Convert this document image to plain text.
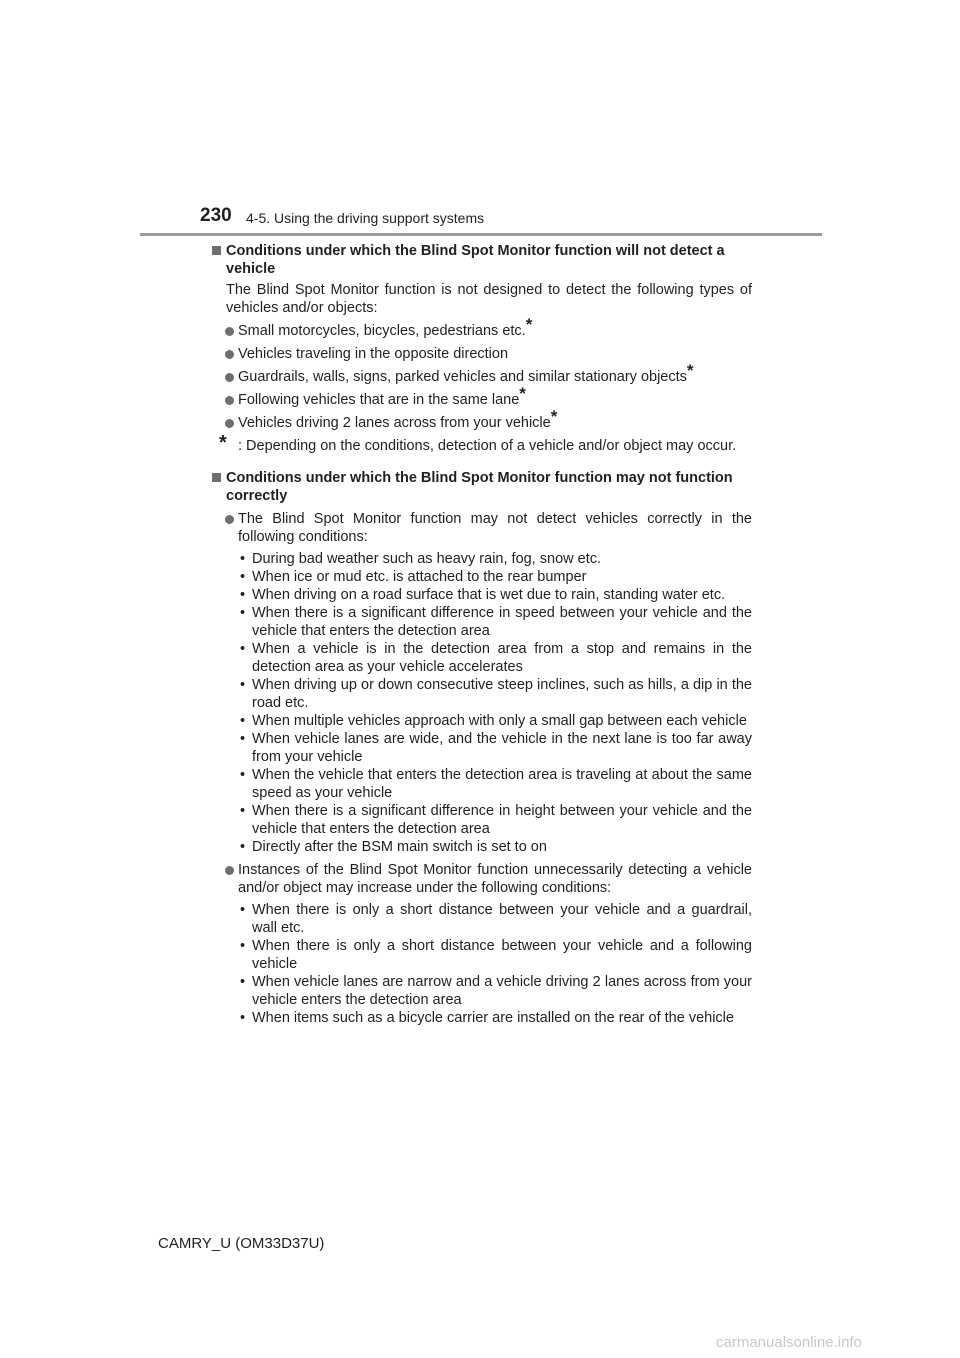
230 4-5. Using the driving support systems
Conditions under which the Blind Spot Monitor function will not detect a vehicle
The Blind Spot Monitor function is not designed to detect the following types of vehicles and/or objects:
Small motorcycles, bicycles, pedestrians etc.*
Vehicles traveling in the opposite direction
Guardrails, walls, signs, parked vehicles and similar stationary objects*
Following vehicles that are in the same lane*
Vehicles driving 2 lanes across from your vehicle*
* : Depending on the conditions, detection of a vehicle and/or object may occur.
Conditions under which the Blind Spot Monitor function may not function correctly
The Blind Spot Monitor function may not detect vehicles correctly in the following conditions:
• During bad weather such as heavy rain, fog, snow etc.
• When ice or mud etc. is attached to the rear bumper
• When driving on a road surface that is wet due to rain, standing water etc.
• When there is a significant difference in speed between your vehicle and the vehicle that enters the detection area
• When a vehicle is in the detection area from a stop and remains in the detection area as your vehicle accelerates
• When driving up or down consecutive steep inclines, such as hills, a dip in the road etc.
• When multiple vehicles approach with only a small gap between each vehicle
• When vehicle lanes are wide, and the vehicle in the next lane is too far away from your vehicle
• When the vehicle that enters the detection area is traveling at about the same speed as your vehicle
• When there is a significant difference in height between your vehicle and the vehicle that enters the detection area
• Directly after the BSM main switch is set to on
Instances of the Blind Spot Monitor function unnecessarily detecting a vehicle and/or object may increase under the following conditions:
• When there is only a short distance between your vehicle and a guardrail, wall etc.
• When there is only a short distance between your vehicle and a following vehicle
• When vehicle lanes are narrow and a vehicle driving 2 lanes across from your vehicle enters the detection area
• When items such as a bicycle carrier are installed on the rear of the vehicle
CAMRY_U (OM33D37U)
carmanualsonline.info
